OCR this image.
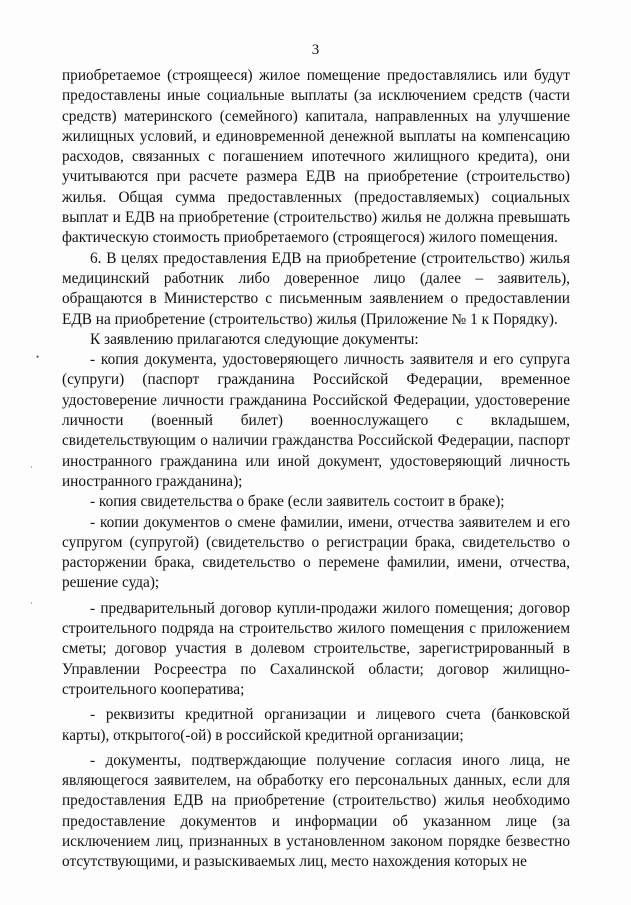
3

приобретаемое (строящееся) жилое помещение предоставлялись или будут предоставлены иные социальные выплаты (за исключением средств (части средств) материнского (семейного) капитала, направленных на улучшение жилищных условий, и единовременной денежной выплаты на компенсацию расходов, связанных с погашением ипотечного жилищного кредита), они учитываются при расчете размера ЕДВ на приобретение (строительство) жилья. Общая сумма предоставленных (предоставляемых) социальных выплат и ЕДВ на приобретение (строительство) жилья не должна превышать фактическую стоимость приобретаемого (строящегося) жилого помещения.

6. В целях предоставления ЕДВ на приобретение (строительство) жилья медицинский работник либо доверенное лицо (далее – заявитель), обращаются в Министерство с письменным заявлением о предоставлении ЕДВ на приобретение (строительство) жилья (Приложение № 1 к Порядку).

К заявлению прилагаются следующие документы:

- копия документа, удостоверяющего личность заявителя и его супруга (супруги) (паспорт гражданина Российской Федерации, временное удостоверение личности гражданина Российской Федерации, удостоверение личности (военный билет) военнослужащего с вкладышем, свидетельствующим о наличии гражданства Российской Федерации, паспорт иностранного гражданина или иной документ, удостоверяющий личность иностранного гражданина);

- копия свидетельства о браке (если заявитель состоит в браке);

- копии документов о смене фамилии, имени, отчества заявителем и его супругом (супругой) (свидетельство о регистрации брака, свидетельство о расторжении брака, свидетельство о перемене фамилии, имени, отчества, решение суда);

- предварительный договор купли-продажи жилого помещения; договор строительного подряда на строительство жилого помещения с приложением сметы; договор участия в долевом строительстве, зарегистрированный в Управлении Росреестра по Сахалинской области; договор жилищно-строительного кооператива;

- реквизиты кредитной организации и лицевого счета (банковской карты), открытого(-ой) в российской кредитной организации;

- документы, подтверждающие получение согласия иного лица, не являющегося заявителем, на обработку его персональных данных, если для предоставления ЕДВ на приобретение (строительство) жилья необходимо предоставление документов и информации об указанном лице (за исключением лиц, признанных в установленном законом порядке безвестно отсутствующими, и разыскиваемых лиц, место нахождения которых не

•
·
·
